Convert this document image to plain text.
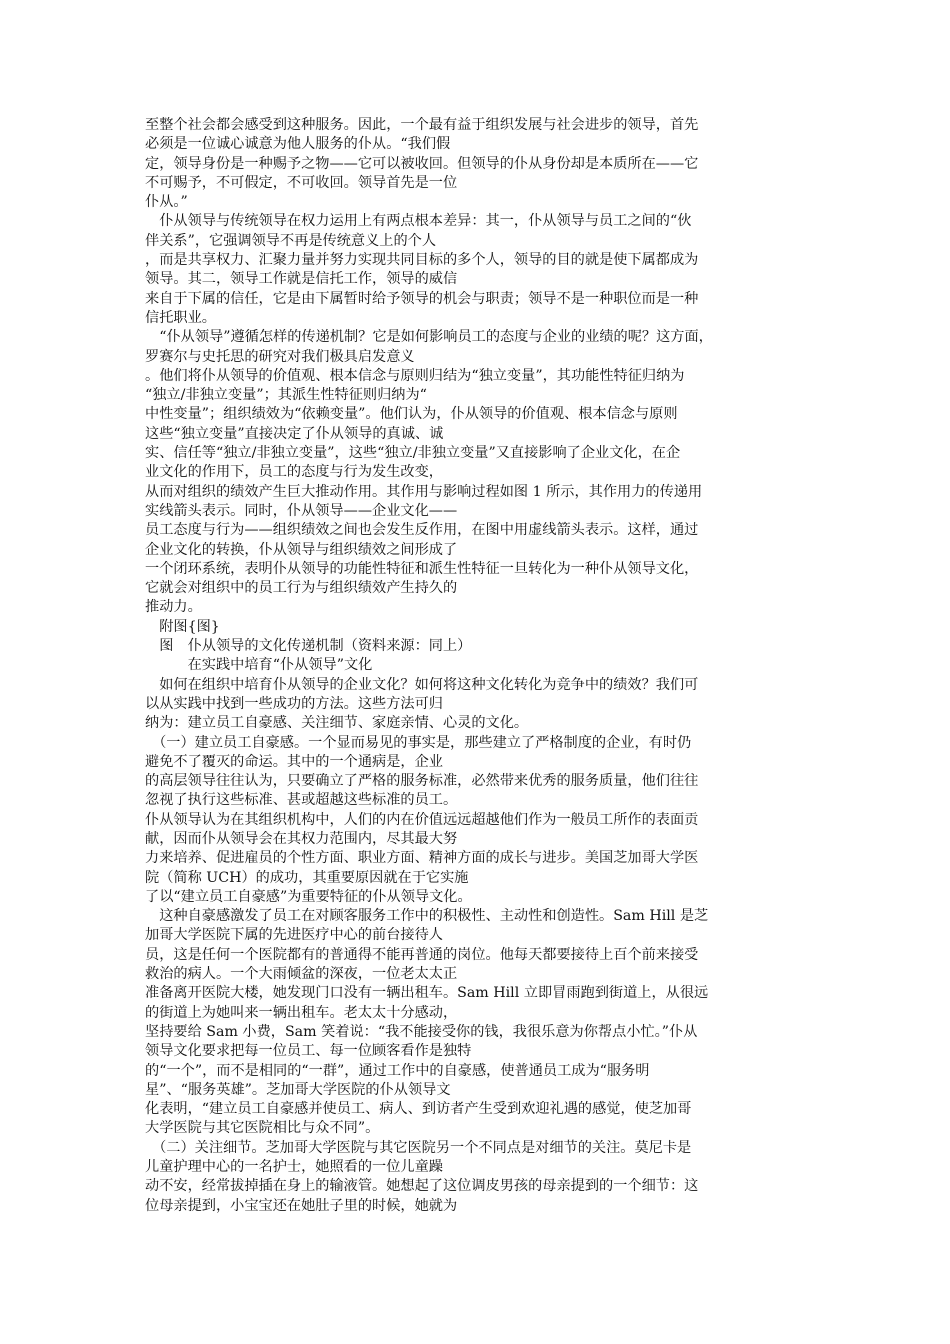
至整个社会都会感受到这种服务。因此，一个最有益于组织发展与社会进步的领导，首先
必须是一位诚心诚意为他人服务的仆从。“我们假
定，领导身份是一种赐予之物——它可以被收回。但领导的仆从身份却是本质所在——它
不可赐予，不可假定，不可收回。领导首先是一位
仆从。”
　仆从领导与传统领导在权力运用上有两点根本差异：其一，仆从领导与员工之间的“伙
伴关系”，它强调领导不再是传统意义上的个人
，而是共享权力、汇聚力量并努力实现共同目标的多个人，领导的目的就是使下属都成为
领导。其二，领导工作就是信托工作，领导的威信
来自于下属的信任，它是由下属暂时给予领导的机会与职责；领导不是一种职位而是一种
信托职业。
　“仆从领导”遵循怎样的传递机制？它是如何影响员工的态度与企业的业绩的呢？这方面，
罗赛尔与史托思的研究对我们极具启发意义
。他们将仆从领导的价值观、根本信念与原则归结为“独立变量”，其功能性特征归纳为
“独立/非独立变量”；其派生性特征则归纳为“
中性变量”；组织绩效为“依赖变量”。他们认为，仆从领导的价值观、根本信念与原则
这些“独立变量”直接决定了仆从领导的真诚、诚
实、信任等“独立/非独立变量”，这些“独立/非独立变量”又直接影响了企业文化，在企
业文化的作用下，员工的态度与行为发生改变，
从而对组织的绩效产生巨大推动作用。其作用与影响过程如图 1 所示，其作用力的传递用
实线箭头表示。同时，仆从领导——企业文化——
员工态度与行为——组织绩效之间也会发生反作用，在图中用虚线箭头表示。这样，通过
企业文化的转换，仆从领导与组织绩效之间形成了
一个闭环系统，表明仆从领导的功能性特征和派生性特征一旦转化为一种仆从领导文化，
它就会对组织中的员工行为与组织绩效产生持久的
推动力。
　附图{图}
　图　仆从领导的文化传递机制（资料来源：同上）
　　　在实践中培育“仆从领导”文化
　如何在组织中培育仆从领导的企业文化？如何将这种文化转化为竞争中的绩效？我们可
以从实践中找到一些成功的方法。这些方法可归
纳为：建立员工自豪感、关注细节、家庭亲情、心灵的文化。
　（一）建立员工自豪感。一个显而易见的事实是，那些建立了严格制度的企业，有时仍
避免不了覆灭的命运。其中的一个通病是，企业
的高层领导往往认为，只要确立了严格的服务标准，必然带来优秀的服务质量，他们往往
忽视了执行这些标准、甚或超越这些标准的员工。
仆从领导认为在其组织机构中，人们的内在价值远远超越他们作为一般员工所作的表面贡
献，因而仆从领导会在其权力范围内，尽其最大努
力来培养、促进雇员的个性方面、职业方面、精神方面的成长与进步。美国芝加哥大学医
院（简称 UCH）的成功，其重要原因就在于它实施
了以“建立员工自豪感”为重要特征的仆从领导文化。
　这种自豪感激发了员工在对顾客服务工作中的积极性、主动性和创造性。Sam Hill 是芝
加哥大学医院下属的先进医疗中心的前台接待人
员，这是任何一个医院都有的普通得不能再普通的岗位。他每天都要接待上百个前来接受
救治的病人。一个大雨倾盆的深夜，一位老太太正
准备离开医院大楼，她发现门口没有一辆出租车。Sam Hill 立即冒雨跑到街道上，从很远
的街道上为她叫来一辆出租车。老太太十分感动，
坚持要给 Sam 小费，Sam 笑着说：“我不能接受你的钱，我很乐意为你帮点小忙。”仆从
领导文化要求把每一位员工、每一位顾客看作是独特
的“一个”，而不是相同的“一群”，通过工作中的自豪感，使普通员工成为“服务明
星”、“服务英雄”。芝加哥大学医院的仆从领导文
化表明，“建立员工自豪感并使员工、病人、到访者产生受到欢迎礼遇的感觉，使芝加哥
大学医院与其它医院相比与众不同”。
　（二）关注细节。芝加哥大学医院与其它医院另一个不同点是对细节的关注。莫尼卡是
儿童护理中心的一名护士，她照看的一位儿童躁
动不安，经常拔掉插在身上的输液管。她想起了这位调皮男孩的母亲提到的一个细节：这
位母亲提到，小宝宝还在她肚子里的时候，她就为
